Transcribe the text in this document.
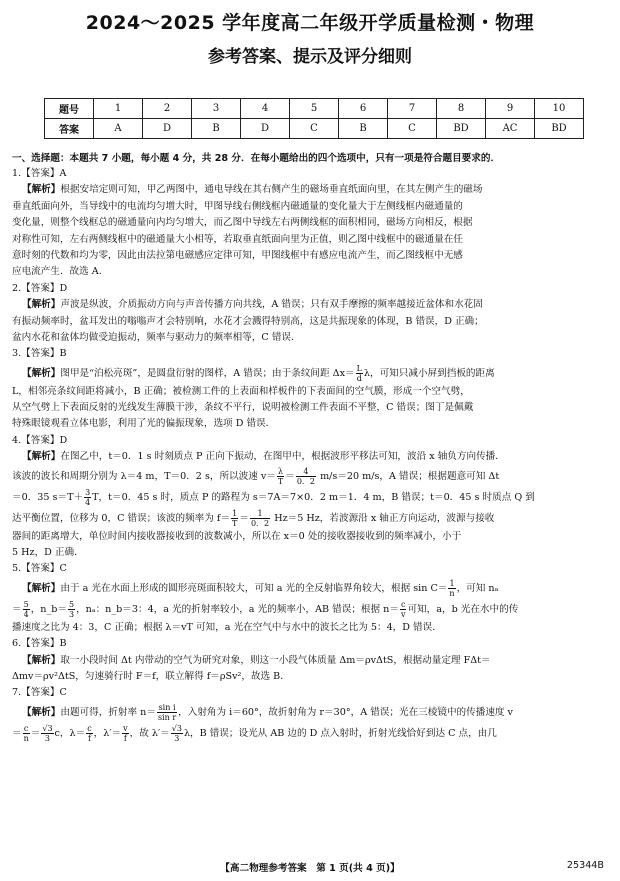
2024～2025 学年度高二年级开学质量检测・物理
参考答案、提示及评分细则
题号	1	2	3	4	5	6	7	8	9	10
答案	A	D	B	D	C	B	C	BD	AC	BD
一、选择题：本题共 7 小题，每小题 4 分，共 28 分．在每小题给出的四个选项中，只有一项是符合题目要求的．
1.【答案】A
【解析】根据安培定则可知，甲乙两图中，通电导线在其右侧产生的磁场垂直纸面向里，在其左侧产生的磁场
垂直纸面向外，当导线中的电流均匀增大时，甲图导线右侧线框内磁通量的变化量大于左侧线框内磁通量的
变化量，则整个线框总的磁通量向内均匀增大，而乙图中导线左右两侧线框的面积相同，磁场方向相反，根据
对称性可知，左右两侧线框中的磁通量大小相等，若取垂直纸面向里为正值，则乙图中线框中的磁通量在任
意时刻的代数和均为零，因此由法拉第电磁感应定律可知，甲图线框中有感应电流产生，而乙图线框中无感
应电流产生．故选 A．
2.【答案】D
【解析】声波是纵波，介质振动方向与声音传播方向共线，A 错误；只有双手摩擦的频率越接近盆体和水花固
有振动频率时，盆耳发出的嗡嗡声才会特别响，水花才会溅得特别高，这是共振现象的体现，B 错误，D 正确；
盆内水花和盆体均做受迫振动，频率与驱动力的频率相等，C 错误．
3.【答案】B
【解析】图甲是“泊松亮斑”，是圆盘衍射的图样，A 错误；由于条纹间距 $\Delta x= \frac{L}{d}$ λ，可知只减小屏到挡板的距离
L，相邻亮条纹间距将减小，B 正确；被检测工件的上表面和样板件的下表面间的空气膜，形成一个空气劈，
从空气劈上下表面反射的光线发生薄膜干涉，条纹不平行，说明被检测工件表面不平整，C 错误；图丁是佩戴
特殊眼镜观看立体电影，利用了光的偏振现象，选项 D 错误．
4.【答案】D
【解析】在图乙中，t＝0．1 s 时刻质点 P 正向下振动，在图甲中，根据波形平移法可知，波沿 x 轴负方向传播．
该波的波长和周期分别为 λ＝4 m，T＝0．2 s，所以波速 $v= \frac{\lambda}{T} = \frac{4}{0.2} m/s=20$ m/s，A 错误；根据题意可知 Δt
＝0．35 $s=T+ \frac{3}{4}$ T，t＝0．45 s 时，质点 P 的路程为 s＝7A＝7×0．2 m＝1．4 m，B 错误；t＝0．45 s 时质点 Q 到
达平衡位置，位移为 0，C 错误；该波的频率为 $f= \frac{1}{T} = \frac{1}{0.2} Hz=5$ Hz，若波源沿 x 轴正方向运动，波源与接收
器间的距离增大，单位时间内接收器接收到的波数减小，所以在 x＝0 处的接收器接收到的频率减小，小于
5 Hz，D 正确．
5.【答案】C
【解析】由于 a 光在水面上形成的圆形亮斑面积较大，可知 a 光的全反射临界角较大，根据 $\sin C= \frac{1}{n}$ ，可知 nₐ
＝ $\frac{5}{4}$ ，n_b＝ $\frac{5}{3}$ ，nₐ：n_b＝3：4，a 光的折射率较小，a 光的频率小，AB 错误；根据 $n= \frac{c}{v}$ 可知，a，b 光在水中的传
播速度之比为 4：3，C 正确；根据 λ＝vT 可知，a 光在空气中与水中的波长之比为 5：4，D 错误．
6.【答案】B
【解析】取一小段时间 Δt 内带动的空气为研究对象，则这一小段气体质量 Δm＝ρvΔtS，根据动量定理 FΔt＝
Δmv＝ρv²ΔtS，匀速骑行时 F＝f，联立解得 f＝ρSv²，故选 B．
7.【答案】C
【解析】由题可得，折射率 $n= \frac{\text{sin i}}{\text{sin r}}$ ，入射角为 i＝60°，故折射角为 r＝30°，A 错误；光在三棱镜中的传播速度 v
＝ $\frac{c}{n} = \frac{√3}{3}$ c，$\lambda= \frac{c}{f}$ ，$\lambda'= \frac{v}{f}$ ，故 $\lambda'= \frac{√3}{3}$ λ，B 错误；设光从 AB 边的 D 点入射时，折射光线恰好到达 C 点，由几
【高二物理参考答案　第 1 页(共 4 页)】	25344B
